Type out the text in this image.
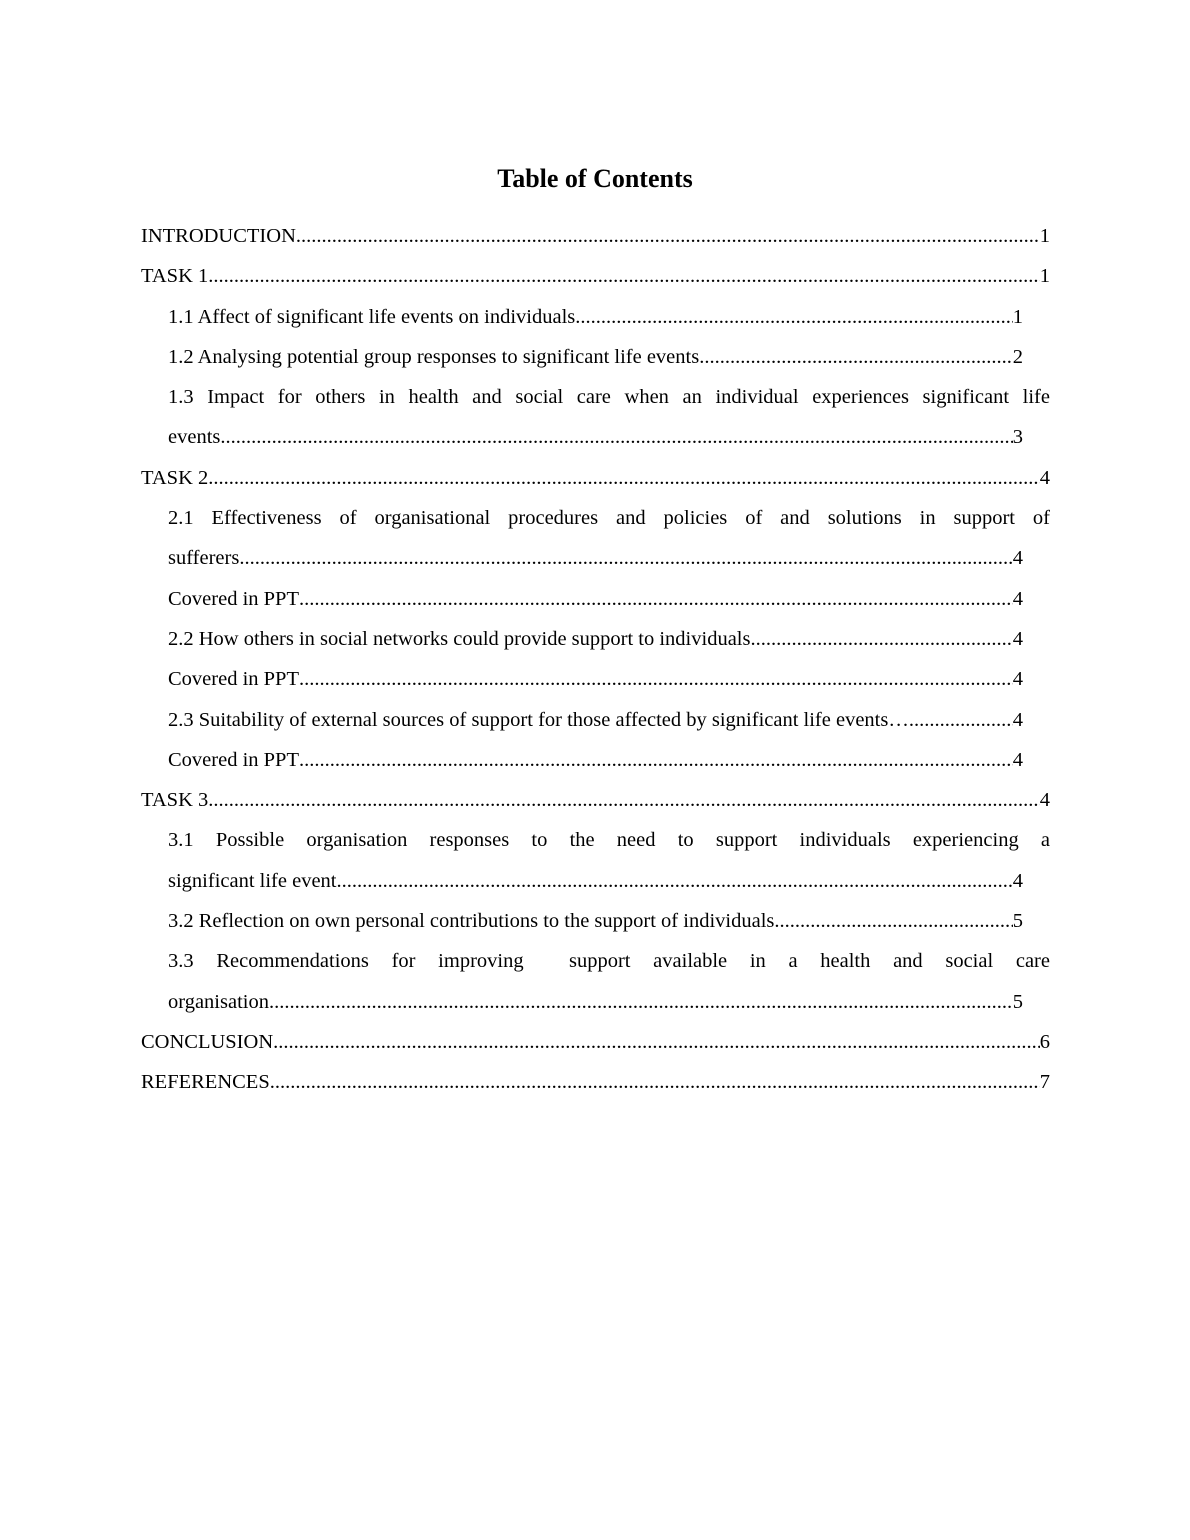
Table of Contents
INTRODUCTION .....	1
TASK 1 .....	1
1.1 Affect of significant life events on individuals .....	1
1.2 Analysing potential group responses to significant life events .....	2
1.3 Impact for others in health and social care when an individual experiences significant life
events .....	3
TASK 2 .....	4
2.1 Effectiveness of organisational procedures and policies of and solutions in support of
sufferers .....	4
Covered in PPT .....	4
2.2 How others in social networks could provide support to individuals .....	4
Covered in PPT .....	4
2.3 Suitability of external sources of support for those affected by significant life events… .....	4
Covered in PPT .....	4
TASK 3 .....	4
3.1 Possible organisation responses to the need to support individuals experiencing a
significant life event .....	4
3.2 Reflection on own personal contributions to the support of individuals .....	5
3.3 Recommendations for improving  support available in a health and social care
organisation .....	5
CONCLUSION .....	6
REFERENCES .....	7
